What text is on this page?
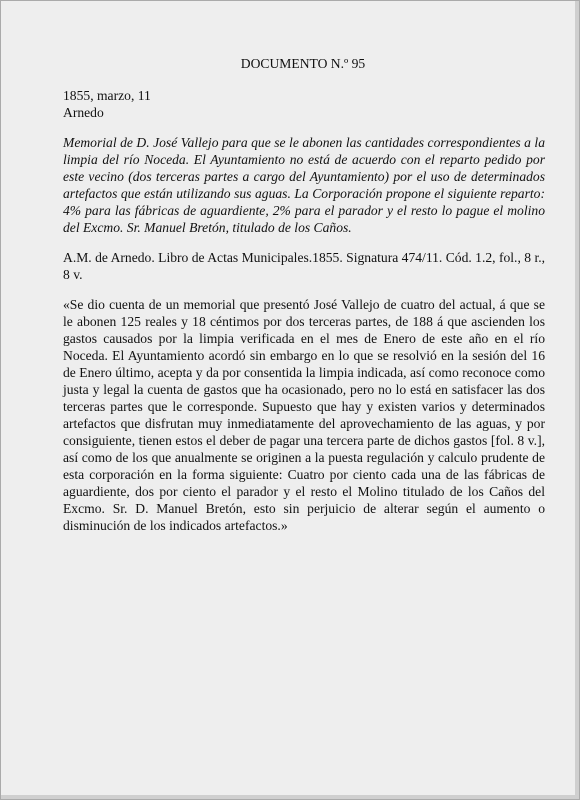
DOCUMENTO N.º 95
1855, marzo, 11
Arnedo
Memorial de D. José Vallejo para que se le abonen las cantidades correspondientes a la limpia del río Noceda. El Ayuntamiento no está de acuerdo con el reparto pedido por este vecino (dos terceras partes a cargo del Ayuntamiento) por el uso de determinados artefactos que están utilizando sus aguas. La Corporación propone el siguiente reparto: 4% para las fábricas de aguardiente, 2% para el parador y el resto lo pague el molino del Excmo. Sr. Manuel Bretón, titulado de los Caños.
A.M. de Arnedo. Libro de Actas Municipales.1855. Signatura 474/11. Cód. 1.2, fol., 8 r., 8 v.
«Se dio cuenta de un memorial que presentó José Vallejo de cuatro del actual, á que se le abonen 125 reales y 18 céntimos por dos terceras partes, de 188 á que ascienden los gastos causados por la limpia verificada en el mes de Enero de este año en el río Noceda. El Ayuntamiento acordó sin embargo en lo que se resolvió en la sesión del 16 de Enero último, acepta y da por consentida la limpia indicada, así como reconoce como justa y legal la cuenta de gastos que ha ocasionado, pero no lo está en satisfacer las dos terceras partes que le corresponde. Supuesto que hay y existen varios y determinados artefactos que disfrutan muy inmediatamente del aprovechamiento de las aguas, y por consiguiente, tienen estos el deber de pagar una tercera parte de dichos gastos [fol. 8 v.], así como de los que anualmente se originen a la puesta regulación y calculo prudente de esta corporación en la forma siguiente: Cuatro por ciento cada una de las fábricas de aguardiente, dos por ciento el parador y el resto el Molino titulado de los Caños del Excmo. Sr. D. Manuel Bretón, esto sin perjuicio de alterar según el aumento o disminución de los indicados artefactos.»
